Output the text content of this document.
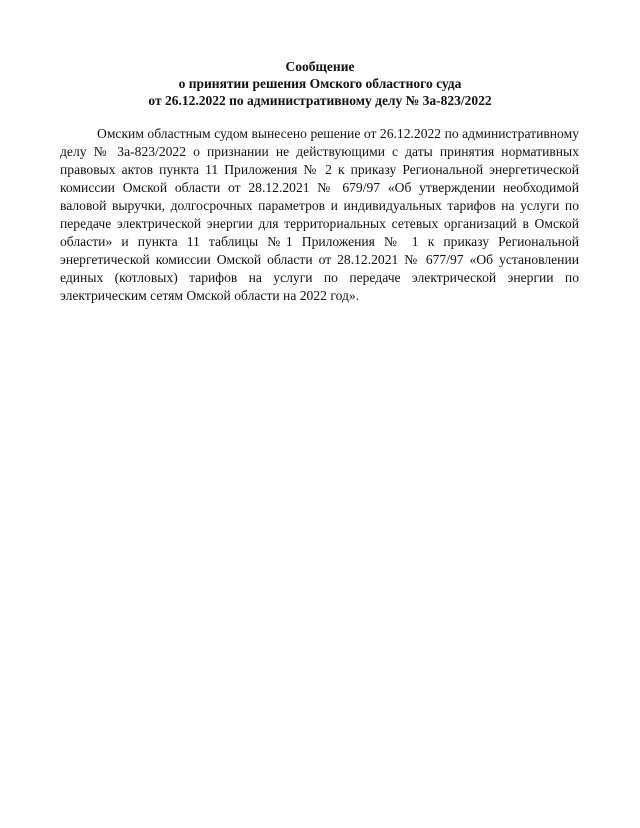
Сообщение
о принятии решения Омского областного суда
от 26.12.2022 по административному делу № 3а-823/2022

Омским областным судом вынесено решение от 26.12.2022 по административному делу № 3а-823/2022 о признании не действующими с даты принятия нормативных правовых актов пункта 11 Приложения № 2 к приказу Региональной энергетической комиссии Омской области от 28.12.2021 № 679/97 «Об утверждении необходимой валовой выручки, долгосрочных параметров и индивидуальных тарифов на услуги по передаче электрической энергии для территориальных сетевых организаций в Омской области» и пункта 11 таблицы №1 Приложения № 1 к приказу Региональной энергетической комиссии Омской области от 28.12.2021 № 677/97 «Об установлении единых (котловых) тарифов на услуги по передаче электрической энергии по электрическим сетям Омской области на 2022 год».
